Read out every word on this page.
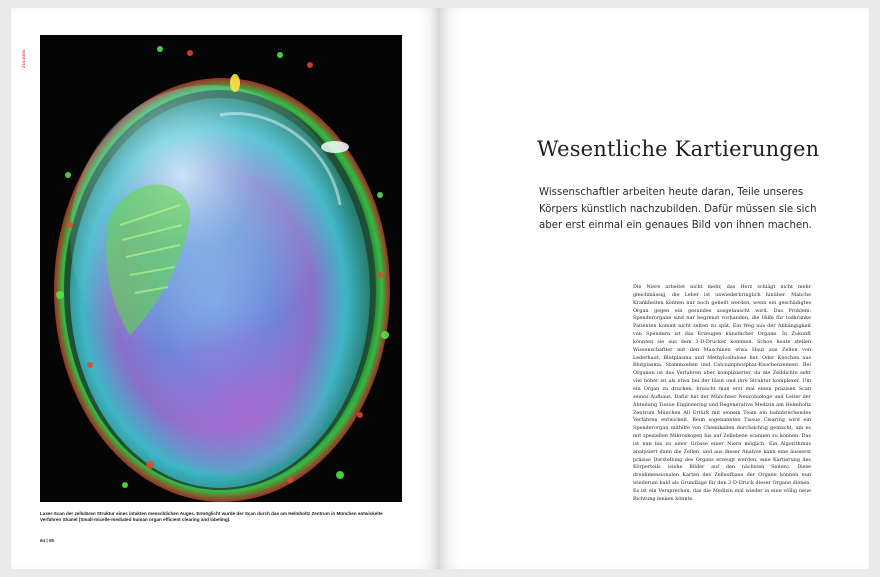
ZULGEN
Laser-Scan der zellulären Struktur eines intakten menschlichen Auges. Ermöglicht wurde der Scan durch das am Helmholtz Zentrum in München entwickelte Verfahren Shanel (Small-micelle-mediated human organ efficient clearing and labeling).
64 | 65
Wesentliche Kartierungen

Wissenschaftler arbeiten heute daran, Teile unseres Körpers künstlich nachzubilden. Dafür müssen sie sich aber erst einmal ein genaues Bild von ihnen machen.

Die Niere arbeitet nicht mehr, das Herz schlägt nicht mehr gleichmässig, die Leber ist unwiederbringlich hinüber. Manche Krankheiten können nur noch geheilt werden, wenn ein geschädigtes Organ gegen ein gesundes ausgetauscht wird. Das Problem: Spenderorgane sind nur begrenzt vorhanden, die Hilfe für todkranke Patienten kommt nicht selten zu spät. Ein Weg aus der Abhängigkeit von Spendern ist das Erzeugen künstlicher Organe. In Zukunft könnten sie aus dem 3-D-Drucker kommen. Schon heute stellen Wissenschaftler mit den Maschinen etwa Haut aus Zellen von Lederhaut, Blutplasma und Methylcellulose her. Oder Knochen aus Blutplasma, Stammzellen und Calciumphosphat-Knochenzement. Bei Organen ist das Verfahren aber komplizierter, da die Zelldichte sehr viel höher ist als etwa bei der Haut und ihre Struktur komplexer. Um ein Organ zu drucken, braucht man erst mal einen präzisen Scan seines Aufbaus. Dafür hat der Münchner Neurobiologe und Leiter der Abteilung Tissue Engineering und Regenerative Medizin am Helmholtz Zentrum München Ali Ertürk mit seinem Team ein bahnbrechendes Verfahren entwickelt. Beim sogenannten Tissue Clearing wird ein Spenderorgan mithilfe von Chemikalien durchsichtig gemacht, um es mit speziellen Mikroskopen bis auf Zellebene scannen zu können. Das ist nun bis zu einer Grösse einer Niere möglich. Ein Algorithmus analysiert dann die Zellen, und aus dieser Analyse kann eine äusserst präzise Darstellung des Organs erzeugt werden, eine Kartierung des Körperteils (siehe Bilder auf den nächsten Seiten). Diese dreidimensionalen Karten des Zellaufbaus der Organe können nun wiederum bald als Grundlage für den 3-D-Druck dieser Organe dienen. Es ist ein Versprechen, das die Medizin mal wieder in eine völlig neue Richtung lenken könnte.
